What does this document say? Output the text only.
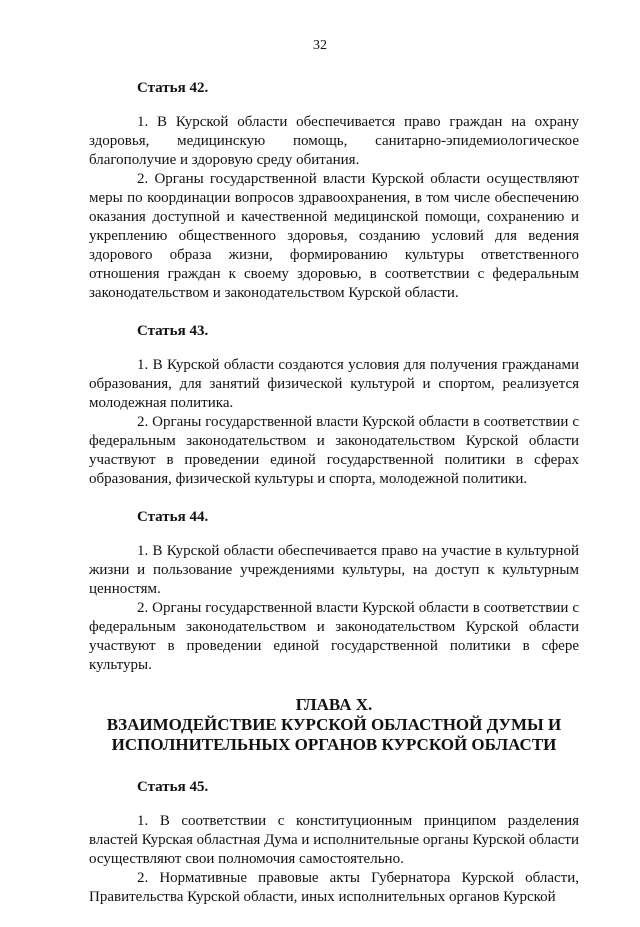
32
Статья 42.

1. В Курской области обеспечивается право граждан на охрану здоровья, медицинскую помощь, санитарно-эпидемиологическое благополучие и здоровую среду обитания.

2. Органы государственной власти Курской области осуществляют меры по координации вопросов здравоохранения, в том числе обеспечению оказания доступной и качественной медицинской помощи, сохранению и укреплению общественного здоровья, созданию условий для ведения здорового образа жизни, формированию культуры ответственного отношения граждан к своему здоровью, в соответствии с федеральным законодательством и законодательством Курской области.

Статья 43.

1. В Курской области создаются условия для получения гражданами образования, для занятий физической культурой и спортом, реализуется молодежная политика.

2. Органы государственной власти Курской области в соответствии с федеральным законодательством и законодательством Курской области участвуют в проведении единой государственной политики в сферах образования, физической культуры и спорта, молодежной политики.

Статья 44.

1. В Курской области обеспечивается право на участие в культурной жизни и пользование учреждениями культуры, на доступ к культурным ценностям.

2. Органы государственной власти Курской области в соответствии с федеральным законодательством и законодательством Курской области участвуют в проведении единой государственной политики в сфере культуры.

ГЛАВА X.
ВЗАИМОДЕЙСТВИЕ КУРСКОЙ ОБЛАСТНОЙ ДУМЫ И
ИСПОЛНИТЕЛЬНЫХ ОРГАНОВ КУРСКОЙ ОБЛАСТИ
Статья 45.

1. В соответствии с конституционным принципом разделения властей Курская областная Дума и исполнительные органы Курской области осуществляют свои полномочия самостоятельно.

2. Нормативные правовые акты Губернатора Курской области, Правительства Курской области, иных исполнительных органов Курской
